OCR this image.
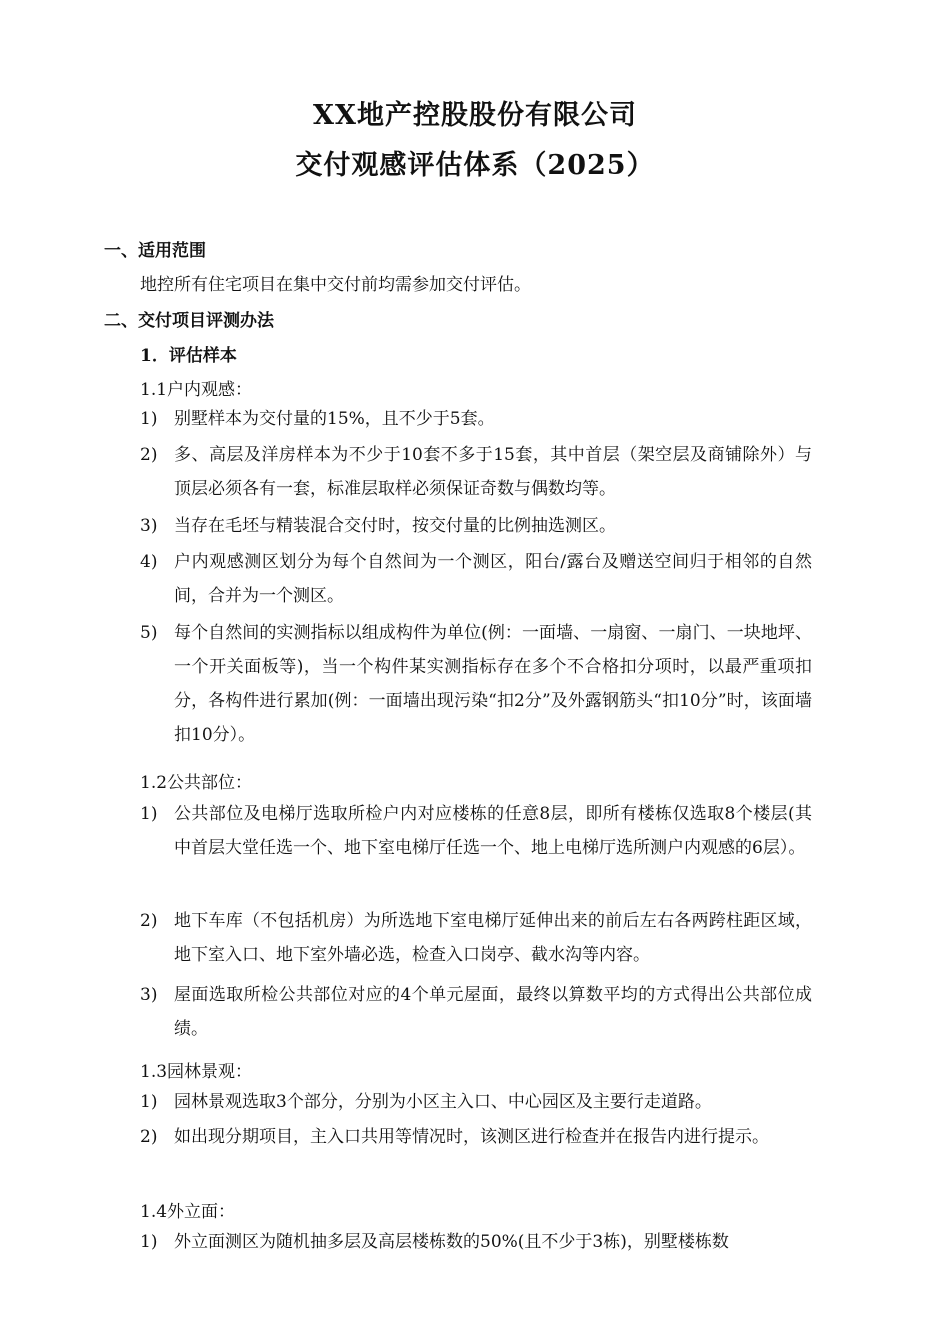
XX地产控股股份有限公司
交付观感评估体系（2025）
一、适用范围
地控所有住宅项目在集中交付前均需参加交付评估。
二、交付项目评测办法
1．评估样本
1.1户内观感：
1) 别墅样本为交付量的15%，且不少于5套。
2) 多、高层及洋房样本为不少于10套不多于15套，其中首层（架空层及商铺除外）与顶层必须各有一套，标准层取样必须保证奇数与偶数均等。
3) 当存在毛坯与精装混合交付时，按交付量的比例抽选测区。
4) 户内观感测区划分为每个自然间为一个测区，阳台/露台及赠送空间归于相邻的自然间，合并为一个测区。
5) 每个自然间的实测指标以组成构件为单位(例：一面墙、一扇窗、一扇门、一块地坪、一个开关面板等)，当一个构件某实测指标存在多个不合格扣分项时，以最严重项扣分，各构件进行累加(例：一面墙出现污染“扣2分”及外露钢筋头“扣10分”时，该面墙扣10分）。
1.2公共部位：
1) 公共部位及电梯厅选取所检户内对应楼栋的任意8层，即所有楼栋仅选取8个楼层(其中首层大堂任选一个、地下室电梯厅任选一个、地上电梯厅选所测户内观感的6层）。
2) 地下车库（不包括机房）为所选地下室电梯厅延伸出来的前后左右各两跨柱距区域，地下室入口、地下室外墙必选，检查入口岗亭、截水沟等内容。
3) 屋面选取所检公共部位对应的4个单元屋面，最终以算数平均的方式得出公共部位成绩。
1.3园林景观：
1) 园林景观选取3个部分，分别为小区主入口、中心园区及主要行走道路。
2) 如出现分期项目，主入口共用等情况时，该测区进行检查并在报告内进行提示。
1.4外立面：
1) 外立面测区为随机抽多层及高层楼栋数的50%(且不少于3栋)，别墅楼栋数
